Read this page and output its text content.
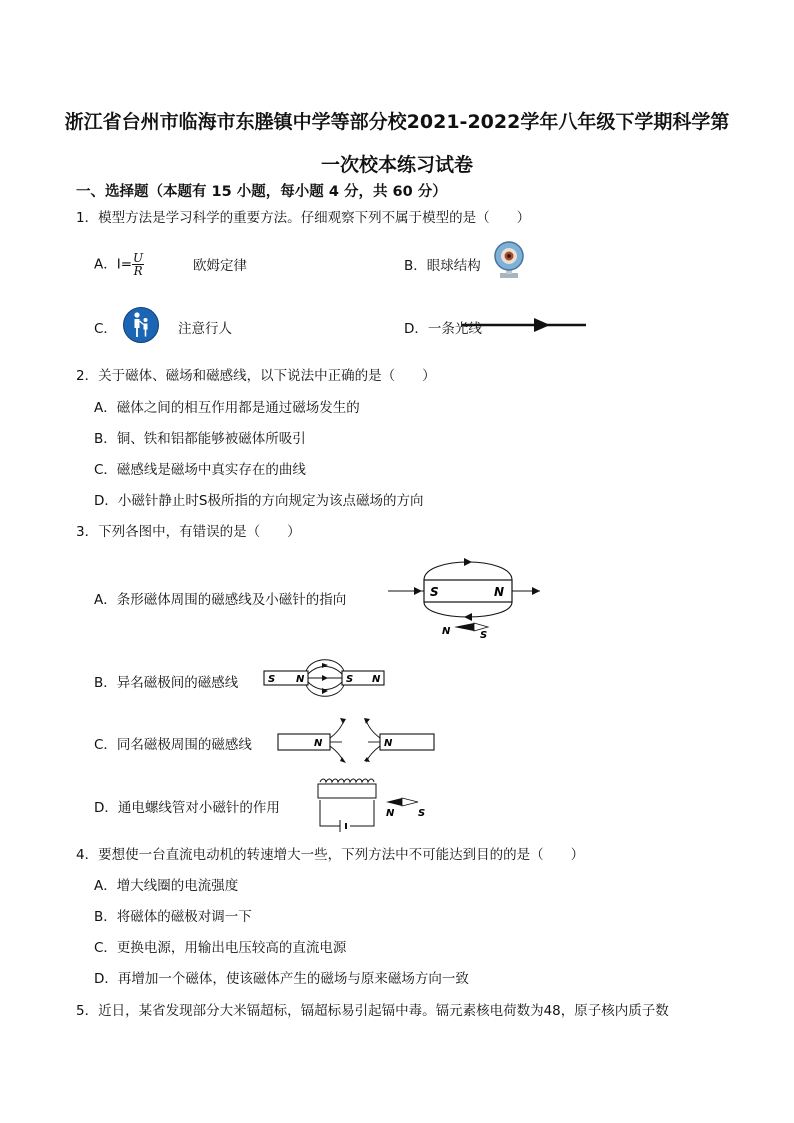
浙江省台州市临海市东塍镇中学等部分校2021-2022学年八年级下学期科学第
一次校本练习试卷
一、选择题（本题有 15 小题，每小题 4 分，共 60 分）
1．模型方法是学习科学的重要方法。仔细观察下列不属于模型的是（　　）
A．$I= \frac{U}{R}$	欧姆定律	B．眼球结构
C．	注意行人	D．一条光线
2．关于磁体、磁场和磁感线，以下说法中正确的是（　　）
A．磁体之间的相互作用都是通过磁场发生的
B．铜、铁和铝都能够被磁体所吸引
C．磁感线是磁场中真实存在的曲线
D．小磁针静止时S极所指的方向规定为该点磁场的方向
3．下列各图中，有错误的是（　　）
A．条形磁体周围的磁感线及小磁针的指向	S	N
N	S
B．异名磁极间的磁感线	S N	S N
C．同名磁极周围的磁感线	N	N
D．通电螺线管对小磁针的作用	N S
4．要想使一台直流电动机的转速增大一些，下列方法中不可能达到目的的是（　　）
A．增大线圈的电流强度
B．将磁体的磁极对调一下
C．更换电源，用输出电压较高的直流电源
D．再增加一个磁体，使该磁体产生的磁场与原来磁场方向一致
5．近日，某省发现部分大米镉超标，镉超标易引起镉中毒。镉元素核电荷数为48，原子核内质子数
